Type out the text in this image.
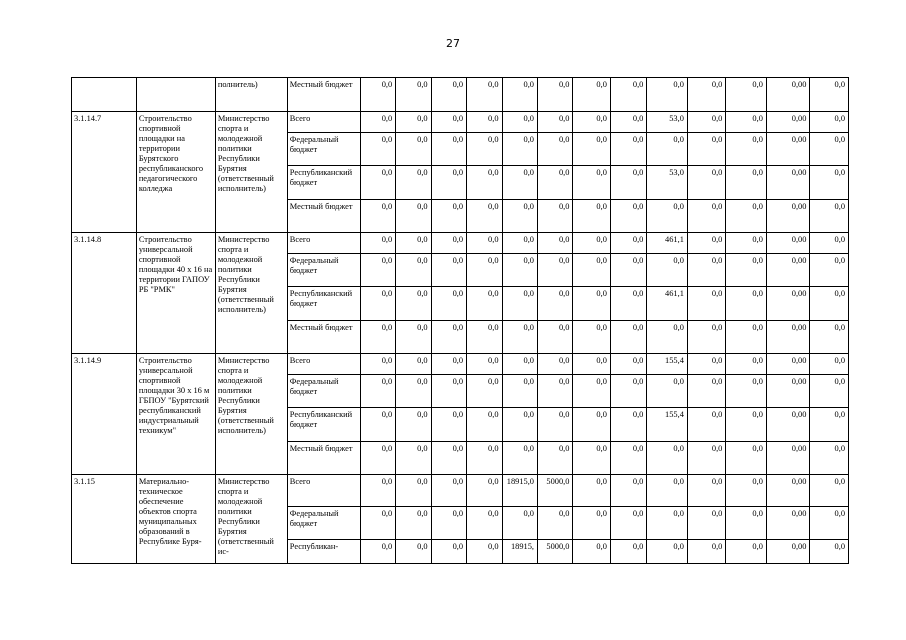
27
		полнитель)	Местный бюджет	0,0	0,0	0,0	0,0	0,0	0,0	0,0	0,0	0,0	0,0	0,0	0,00	0,0
3.1.14.7	Строительство спортивной площадки на территории Бурятского республиканского педагогического колледжа	Министерство спорта и молодежной политики Республики Бурятия (ответственный исполнитель)	Всего	0,0	0,0	0,0	0,0	0,0	0,0	0,0	0,0	53,0	0,0	0,0	0,00	0,0
			Федеральный бюджет	0,0	0,0	0,0	0,0	0,0	0,0	0,0	0,0	0,0	0,0	0,0	0,00	0,0
			Республиканский бюджет	0,0	0,0	0,0	0,0	0,0	0,0	0,0	0,0	53,0	0,0	0,0	0,00	0,0
			Местный бюджет	0,0	0,0	0,0	0,0	0,0	0,0	0,0	0,0	0,0	0,0	0,0	0,00	0,0
3.1.14.8	Строительство универсальной спортивной площадки 40 х 16 на территории ГАПОУ РБ "РМК"	Министерство спорта и молодежной политики Республики Бурятия (ответственный исполнитель)	Всего	0,0	0,0	0,0	0,0	0,0	0,0	0,0	0,0	461,1	0,0	0,0	0,00	0,0
			Федеральный бюджет	0,0	0,0	0,0	0,0	0,0	0,0	0,0	0,0	0,0	0,0	0,0	0,00	0,0
			Республиканский бюджет	0,0	0,0	0,0	0,0	0,0	0,0	0,0	0,0	461,1	0,0	0,0	0,00	0,0
			Местный бюджет	0,0	0,0	0,0	0,0	0,0	0,0	0,0	0,0	0,0	0,0	0,0	0,00	0,0
3.1.14.9	Строительство универсальной спортивной площадки 30 х 16 м ГБПОУ "Бурятский республиканский индустриальный техникум"	Министерство спорта и молодежной политики Республики Бурятия (ответственный исполнитель)	Всего	0,0	0,0	0,0	0,0	0,0	0,0	0,0	0,0	155,4	0,0	0,0	0,00	0,0
			Федеральный бюджет	0,0	0,0	0,0	0,0	0,0	0,0	0,0	0,0	0,0	0,0	0,0	0,00	0,0
			Республиканский бюджет	0,0	0,0	0,0	0,0	0,0	0,0	0,0	0,0	155,4	0,0	0,0	0,00	0,0
			Местный бюджет	0,0	0,0	0,0	0,0	0,0	0,0	0,0	0,0	0,0	0,0	0,0	0,00	0,0
3.1.15	Материально-техническое обеспечение объектов спорта муниципальных образований в Республике Буря-	Министерство спорта и молодежной политики Республики Бурятия (ответственный ис-	Всего	0,0	0,0	0,0	0,0	18915,0	5000,0	0,0	0,0	0,0	0,0	0,0	0,00	0,0
			Федеральный бюджет	0,0	0,0	0,0	0,0	0,0	0,0	0,0	0,0	0,0	0,0	0,0	0,00	0,0
			Республикан-	0,0	0,0	0,0	0,0	18915,	5000,0	0,0	0,0	0,0	0,0	0,0	0,00	0,0
